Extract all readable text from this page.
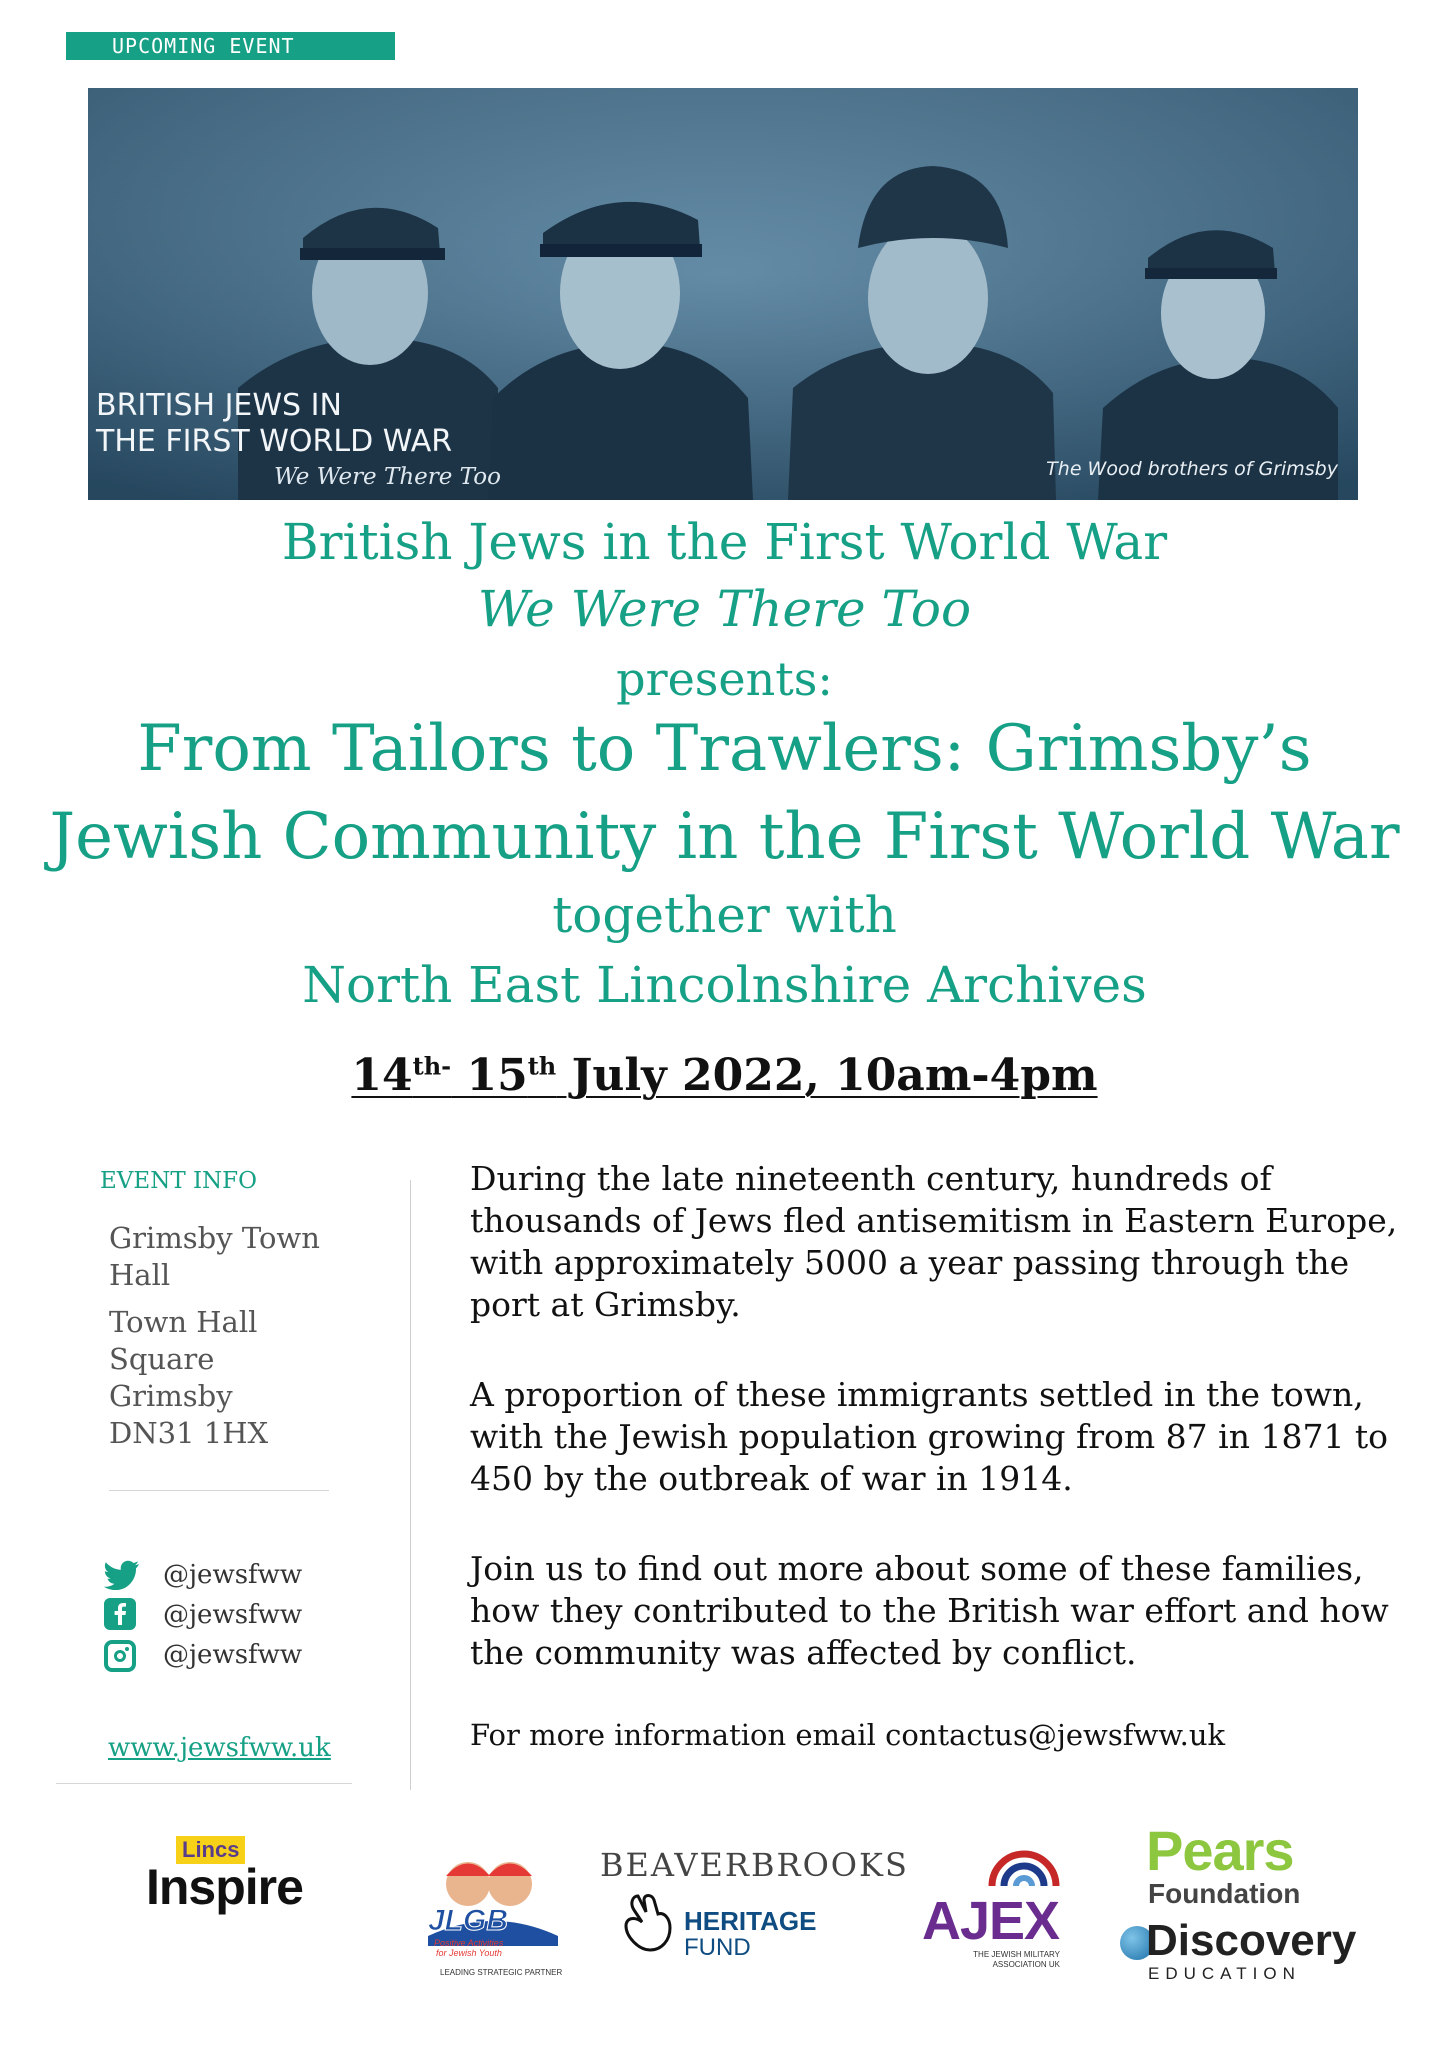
UPCOMING EVENT
BRITISH JEWS IN
THE FIRST WORLD WAR
We Were There Too	The Wood brothers of Grimsby
British Jews in the First World War
We Were There Too
presents:
From Tailors to Trawlers: Grimsby’s
Jewish Community in the First World War
together with
North East Lincolnshire Archives
$14^{th-}$ 15th July 2022, 10am-4pm
EVENT INFO
Grimsby Town
Hall
Town Hall
Square
Grimsby
DN31 1HX
@jewsfww
@jewsfww
@jewsfww
www.jewsfww.uk
During the late nineteenth century, hundreds of
thousands of Jews fled antisemitism in Eastern Europe,
with approximately 5000 a year passing through the
port at Grimsby.
A proportion of these immigrants settled in the town,
with the Jewish population growing from 87 in 1871 to
450 by the outbreak of war in 1914.
Join us to find out more about some of these families,
how they contributed to the British war effort and how
the community was affected by conflict.
For more information email contactus@jewsfww.uk
Lincs
Inspire
JLGB
Positive Activities
for Jewish Youth
LEADING STRATEGIC PARTNER
BEAVERBROOKS
HERITAGE
FUND	AJEX
THE JEWISH MILITARY
ASSOCIATION UK
Pears
Foundation
Discovery
EDUCATION
